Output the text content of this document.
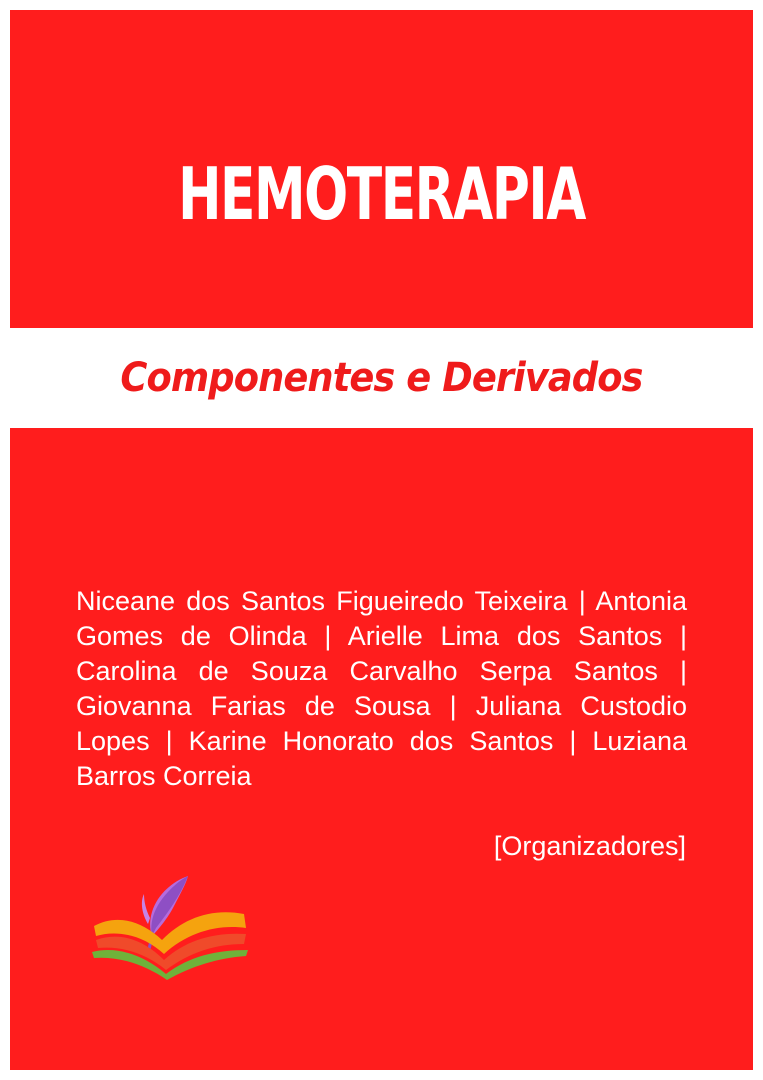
HEMOTERAPIA
Componentes e Derivados

Niceane dos Santos Figueiredo Teixeira | Antonia Gomes de Olinda | Arielle Lima dos Santos | Carolina de Souza Carvalho Serpa Santos | Giovanna Farias de Sousa | Juliana Custodio Lopes | Karine Honorato dos Santos | Luziana Barros Correia

[Organizadores]
